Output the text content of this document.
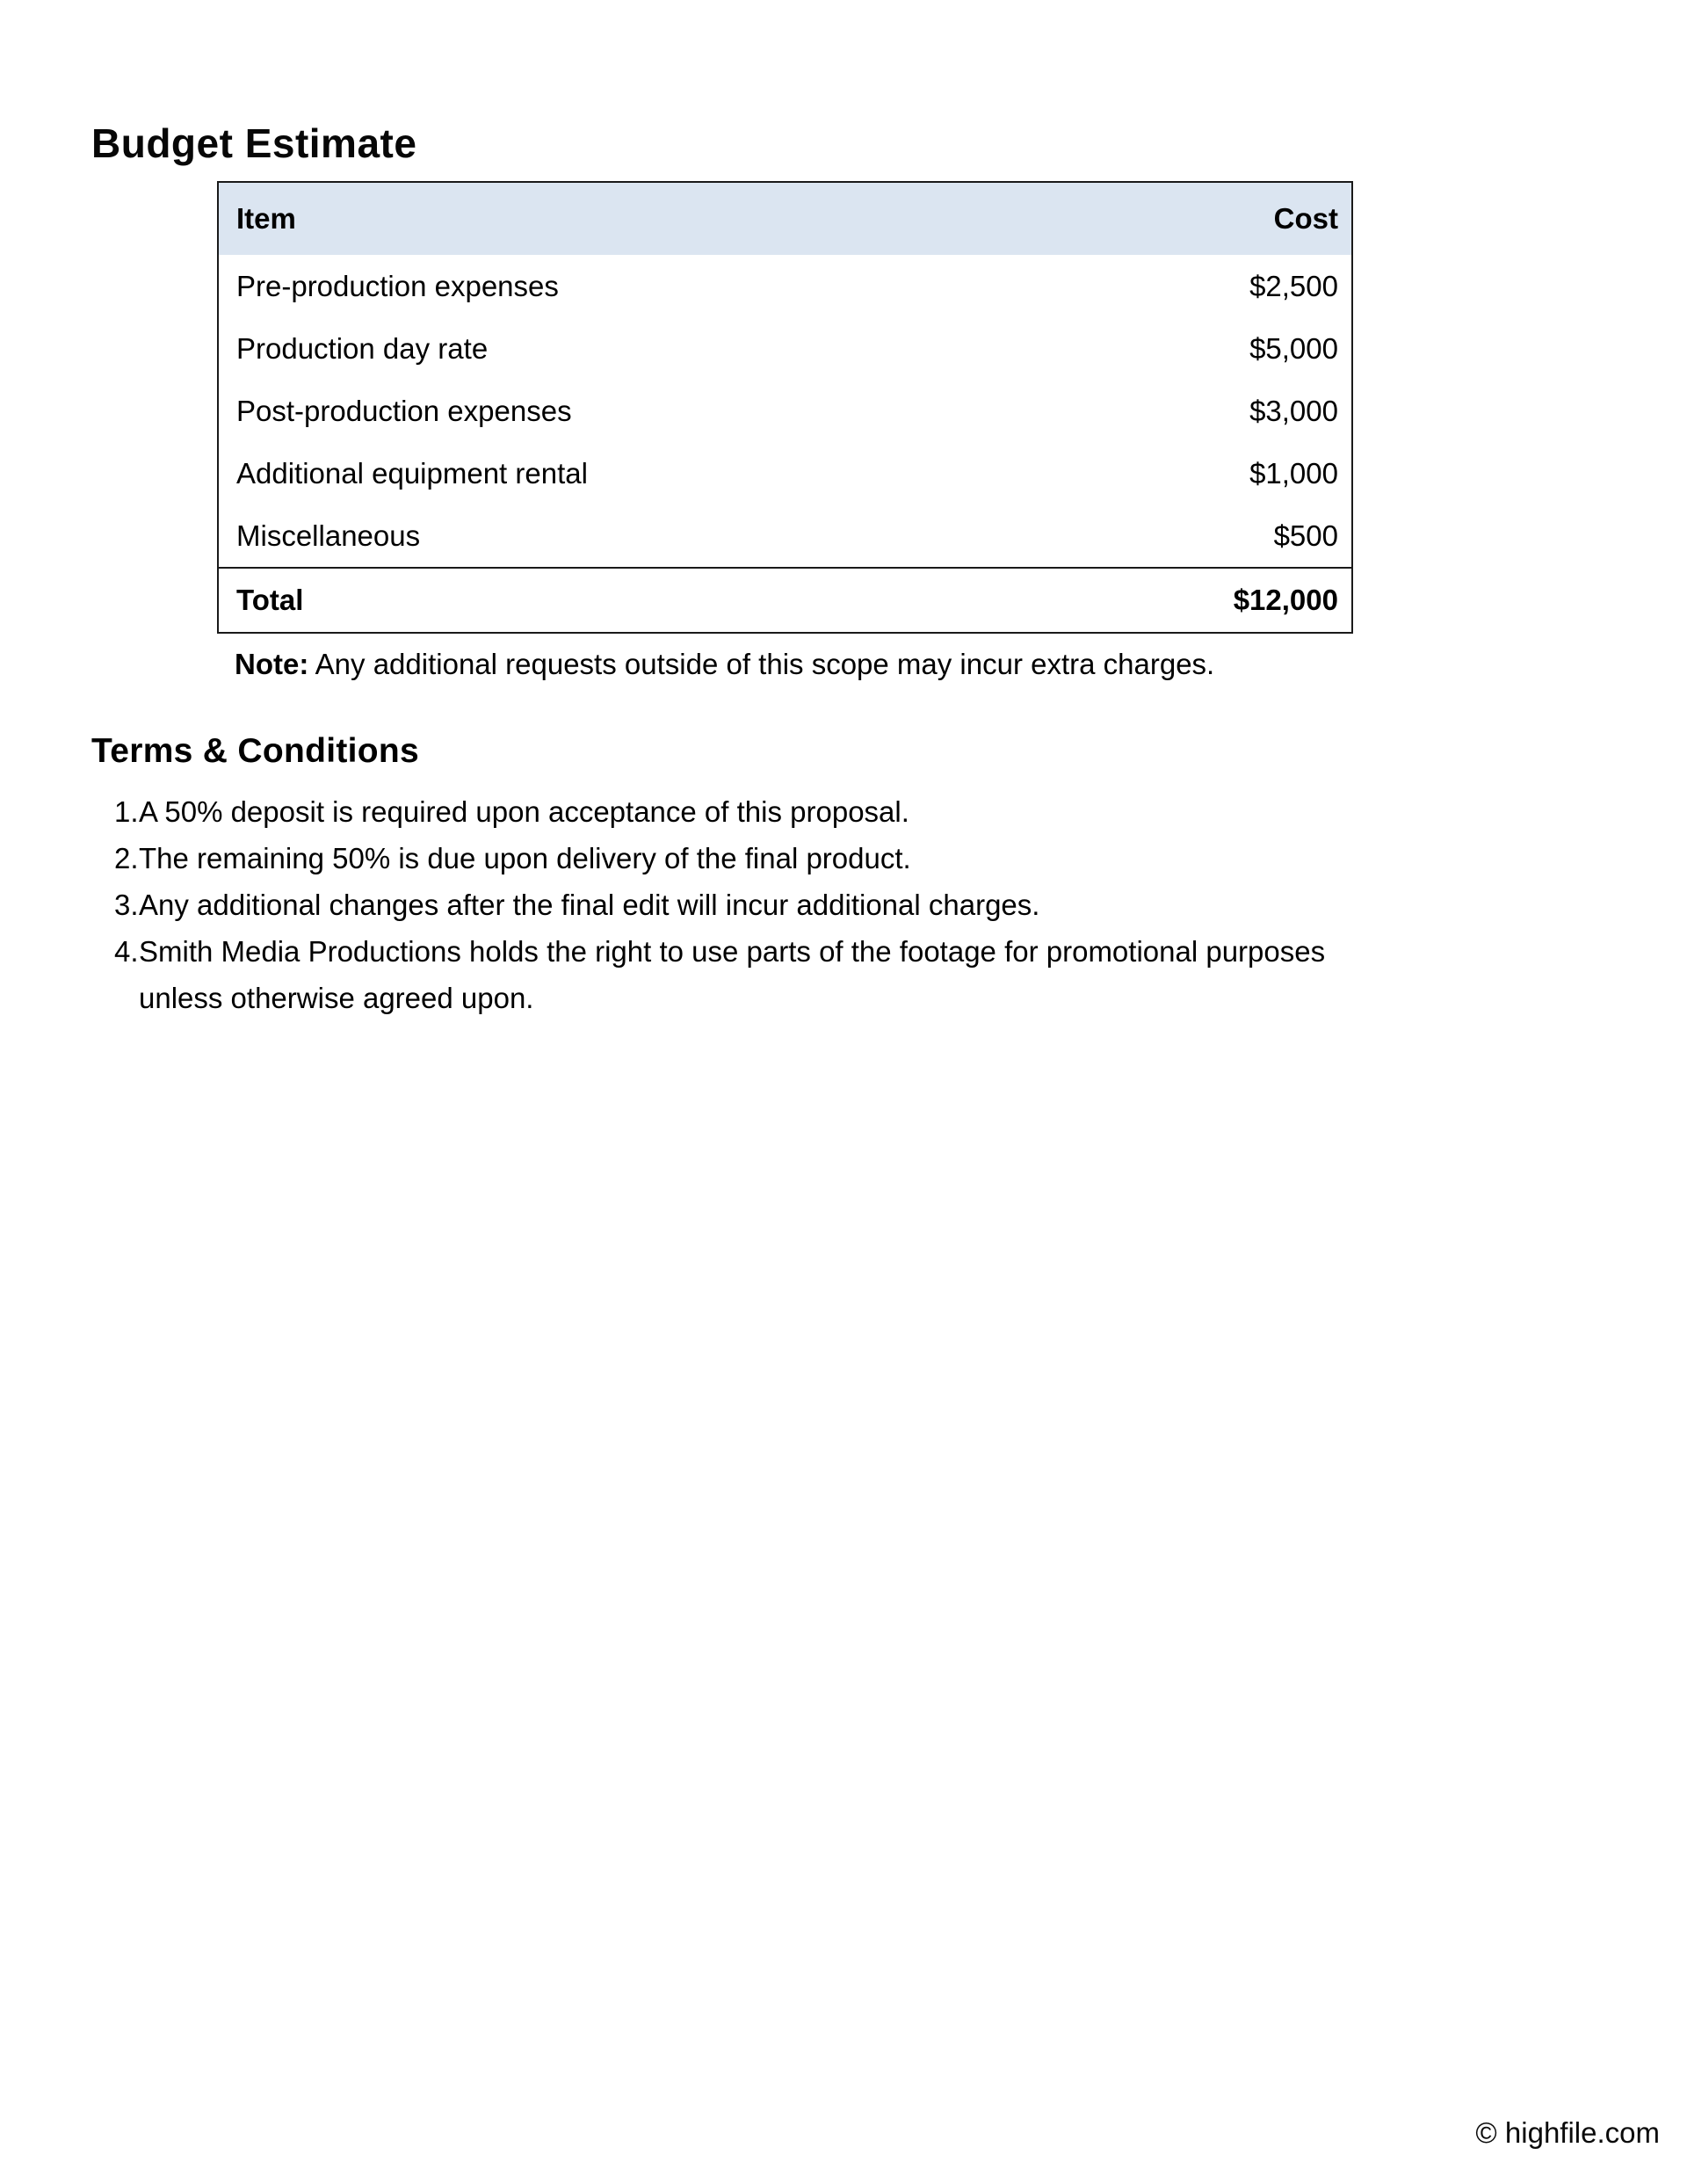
Budget Estimate
Item	Cost
Pre-production expenses	$2,500
Production day rate	$5,000
Post-production expenses	$3,000
Additional equipment rental	$1,000
Miscellaneous	$500
Total	$12,000
Note: Any additional requests outside of this scope may incur extra charges.
Terms & Conditions
1. A 50% deposit is required upon acceptance of this proposal.
2. The remaining 50% is due upon delivery of the final product.
3. Any additional changes after the final edit will incur additional charges.
4. Smith Media Productions holds the right to use parts of the footage for promotional purposes unless otherwise agreed upon.
© highfile.com
